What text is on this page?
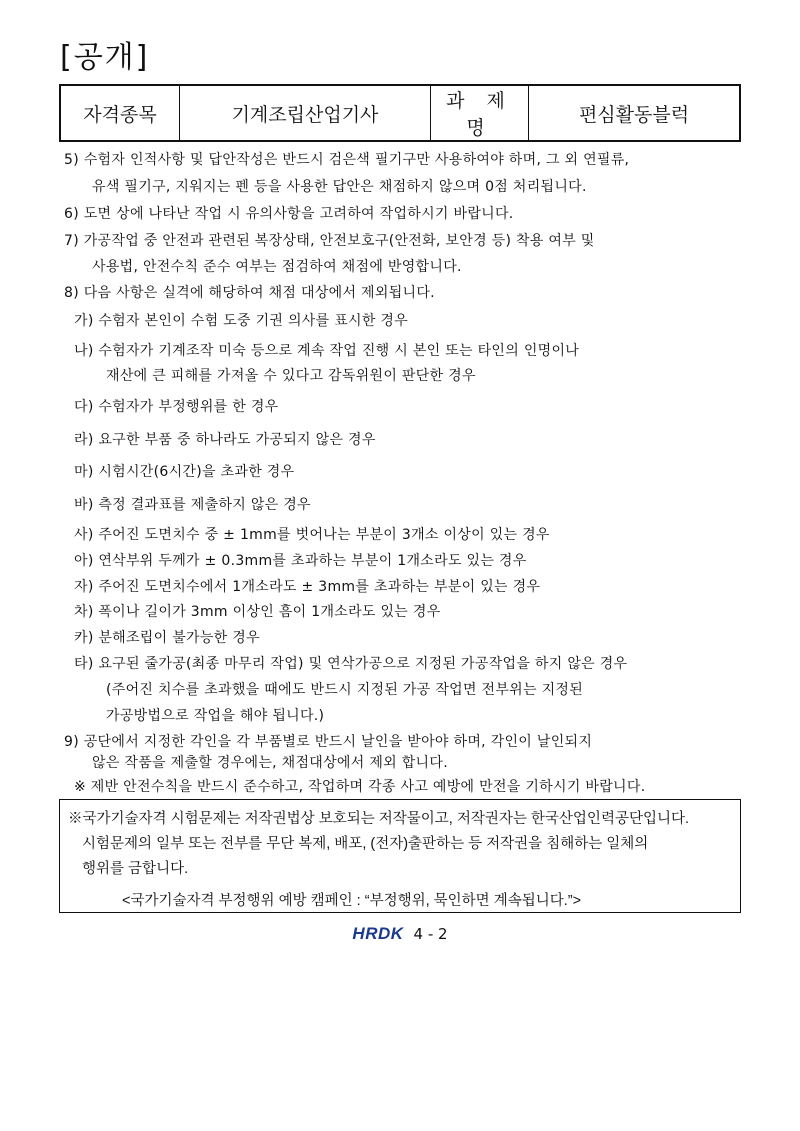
[공개]
자격종목	기계조립산업기사	과 제 명	편심활동블럭
5) 수험자 인적사항 및 답안작성은 반드시 검은색 필기구만 사용하여야 하며, 그 외 연필류,
유색 필기구, 지워지는 펜 등을 사용한 답안은 채점하지 않으며 0점 처리됩니다.
6) 도면 상에 나타난 작업 시 유의사항을 고려하여 작업하시기 바랍니다.
7) 가공작업 중 안전과 관련된 복장상태, 안전보호구(안전화, 보안경 등) 착용 여부 및
사용법, 안전수칙 준수 여부는 점검하여 채점에 반영합니다.
8) 다음 사항은 실격에 해당하여 채점 대상에서 제외됩니다.
가) 수험자 본인이 수험 도중 기권 의사를 표시한 경우
나) 수험자가 기계조작 미숙 등으로 계속 작업 진행 시 본인 또는 타인의 인명이나
재산에 큰 피해를 가져올 수 있다고 감독위원이 판단한 경우
다) 수험자가 부정행위를 한 경우
라) 요구한 부품 중 하나라도 가공되지 않은 경우
마) 시험시간(6시간)을 초과한 경우
바) 측정 결과표를 제출하지 않은 경우
사) 주어진 도면치수 중 ± 1mm를 벗어나는 부분이 3개소 이상이 있는 경우
아) 연삭부위 두께가 ± 0.3mm를 초과하는 부분이 1개소라도 있는 경우
자) 주어진 도면치수에서 1개소라도 ± 3mm를 초과하는 부분이 있는 경우
차) 폭이나 길이가 3mm 이상인 흠이 1개소라도 있는 경우
카) 분해조립이 불가능한 경우
타) 요구된 줄가공(최종 마무리 작업) 및 연삭가공으로 지정된 가공작업을 하지 않은 경우
(주어진 치수를 초과했을 때에도 반드시 지정된 가공 작업면 전부위는 지정된
가공방법으로 작업을 해야 됩니다.)
9) 공단에서 지정한 각인을 각 부품별로 반드시 날인을 받아야 하며, 각인이 날인되지
않은 작품을 제출할 경우에는, 채점대상에서 제외 합니다.
※ 제반 안전수칙을 반드시 준수하고, 작업하며 각종 사고 예방에 만전을 기하시기 바랍니다.
※국가기술자격 시험문제는 저작권법상 보호되는 저작물이고, 저작권자는 한국산업인력공단입니다.
시험문제의 일부 또는 전부를 무단 복제, 배포, (전자)출판하는 등 저작권을 침해하는 일체의
행위를 금합니다.
<국가기술자격 부정행위 예방 캠페인 : “부정행위, 묵인하면 계속됩니다.”>
HRDK 4 - 2
